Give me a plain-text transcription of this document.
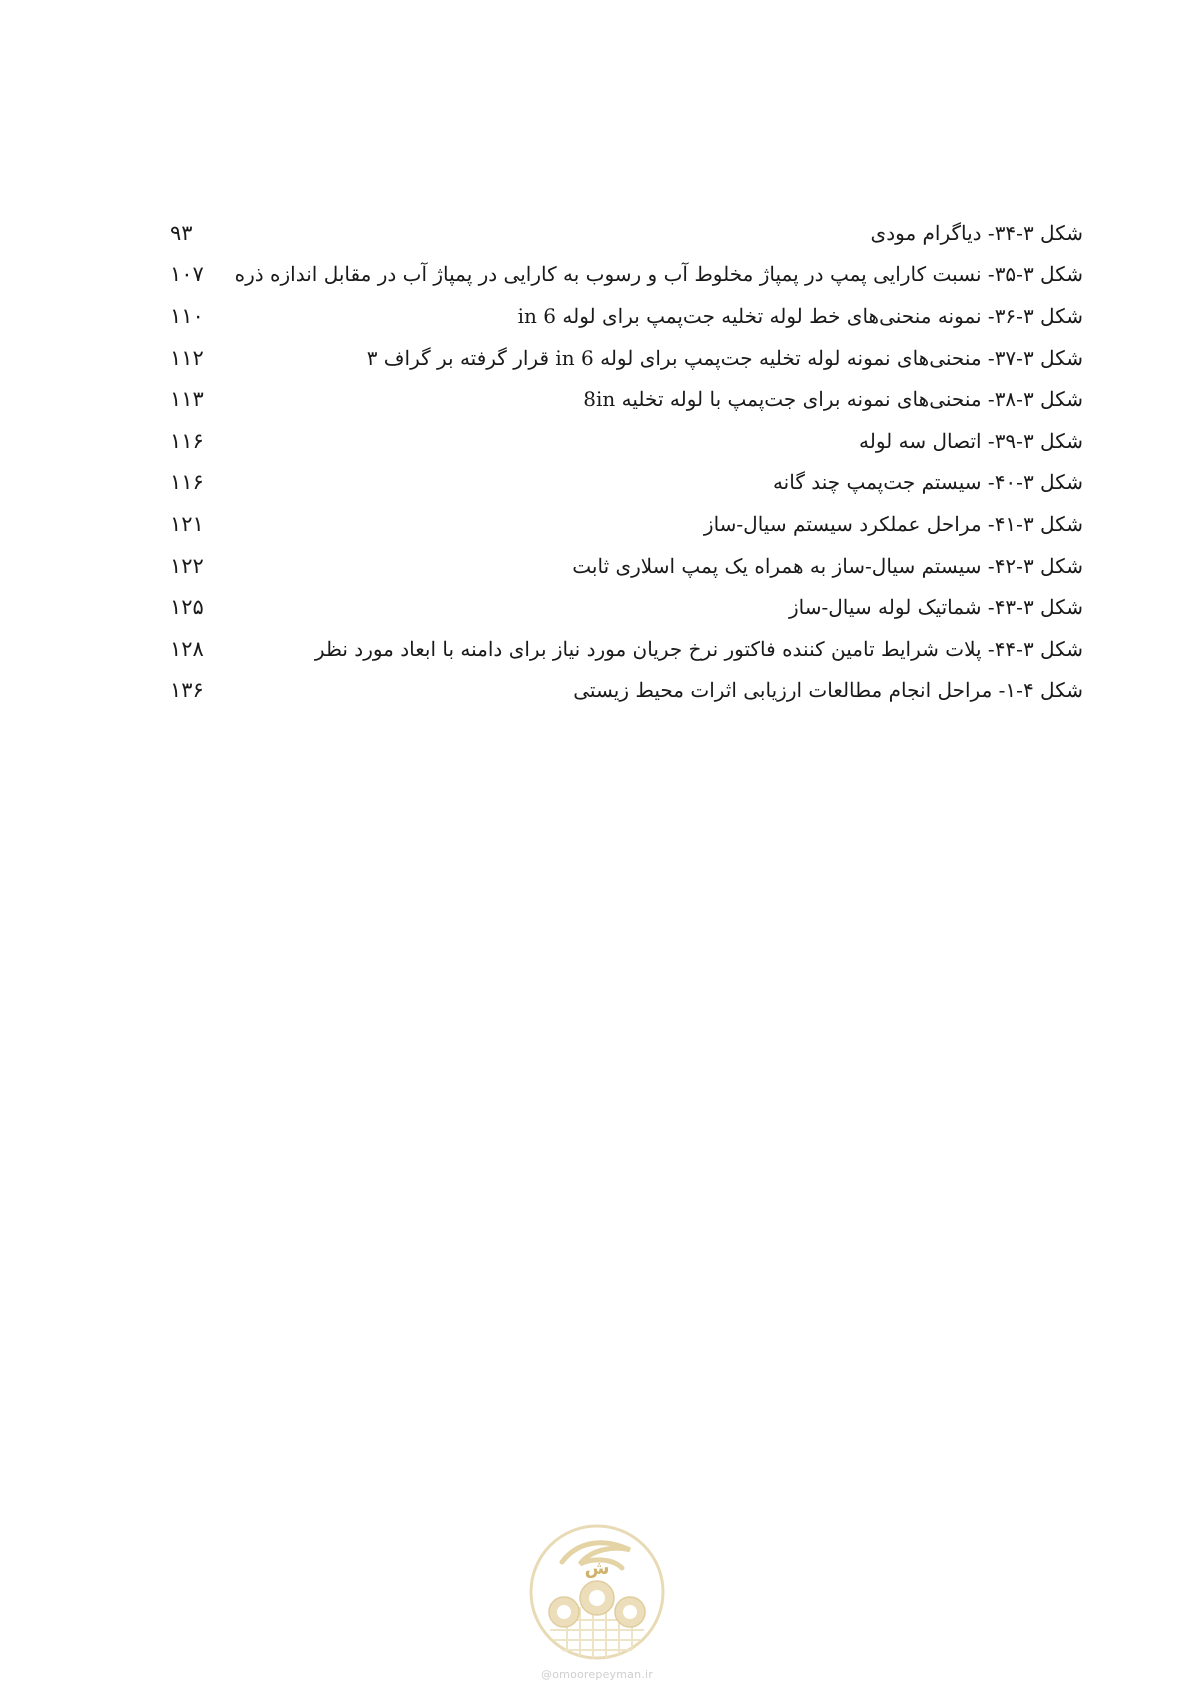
۹۳	شکل ۳-۳۴- دیاگرام مودی
۱۰۷	شکل ۳-۳۵- نسبت کارایی پمپ در پمپاژ مخلوط آب و رسوب به کارایی در پمپاژ آب در مقابل اندازه ذره
۱۱۰	شکل ۳-۳۶- نمونه منحنی‌های خط لوله تخلیه جت‌پمپ برای لوله 6 in
۱۱۲	شکل ۳-۳۷- منحنی‌های نمونه لوله تخلیه جت‌پمپ برای لوله 6 in قرار گرفته بر گراف ۳
۱۱۳	شکل ۳-۳۸- منحنی‌های نمونه برای جت‌پمپ با لوله تخلیه 8in
۱۱۶	شکل ۳-۳۹- اتصال سه لوله
۱۱۶	شکل ۳-۴۰- سیستم جت‌پمپ چند گانه
۱۲۱	شکل ۳-۴۱- مراحل عملکرد سیستم سیال-ساز
۱۲۲	شکل ۳-۴۲- سیستم سیال-ساز به همراه یک پمپ اسلاری ثابت
۱۲۵	شکل ۳-۴۳- شماتیک لوله سیال-ساز
۱۲۸	شکل ۳-۴۴- پلات شرایط تامین کننده فاکتور نرخ جریان مورد نیاز برای دامنه با ابعاد مورد نظر
۱۳۶	شکل ۴-۱- مراحل انجام مطالعات ارزیابی اثرات محیط زیستی
ش
@omoorepeyman.ir
